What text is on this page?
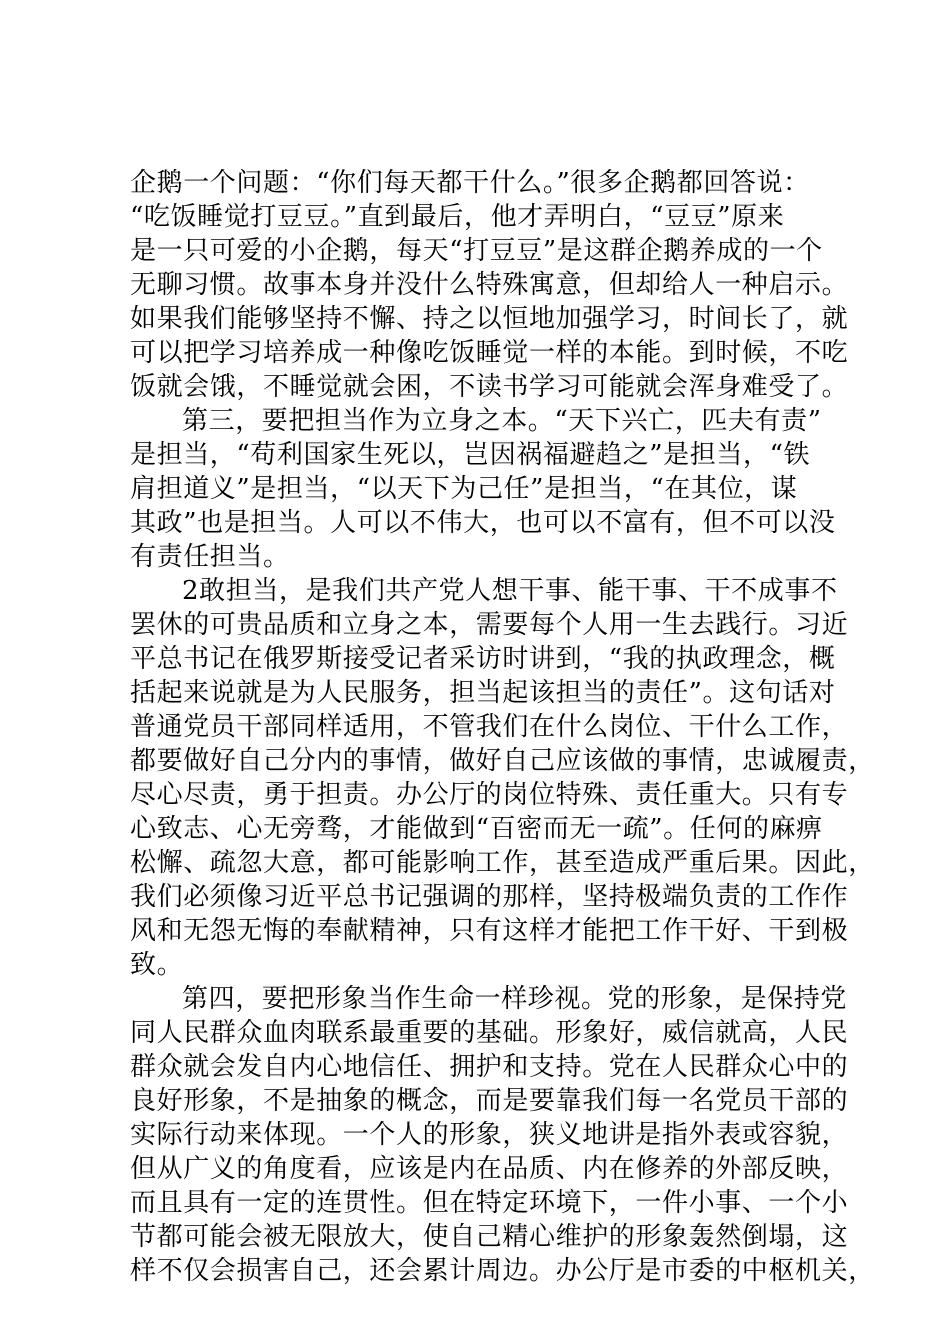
企鹅一个问题：“你们每天都干什么。”很多企鹅都回答说：
“吃饭睡觉打豆豆。”直到最后，他才弄明白，“豆豆”原来
是一只可爱的小企鹅，每天“打豆豆”是这群企鹅养成的一个
无聊习惯。故事本身并没什么特殊寓意，但却给人一种启示。
如果我们能够坚持不懈、持之以恒地加强学习，时间长了，就
可以把学习培养成一种像吃饭睡觉一样的本能。到时候，不吃
饭就会饿，不睡觉就会困，不读书学习可能就会浑身难受了。
第三，要把担当作为立身之本。“天下兴亡，匹夫有责”
是担当，“苟利国家生死以，岂因祸福避趋之”是担当，“铁
肩担道义”是担当，“以天下为己任”是担当，“在其位，谋
其政”也是担当。人可以不伟大，也可以不富有，但不可以没
有责任担当。
2敢担当，是我们共产党人想干事、能干事、干不成事不
罢休的可贵品质和立身之本，需要每个人用一生去践行。习近
平总书记在俄罗斯接受记者采访时讲到，“我的执政理念，概
括起来说就是为人民服务，担当起该担当的责任”。这句话对
普通党员干部同样适用，不管我们在什么岗位、干什么工作，
都要做好自己分内的事情，做好自己应该做的事情，忠诚履责，
尽心尽责，勇于担责。办公厅的岗位特殊、责任重大。只有专
心致志、心无旁骛，才能做到“百密而无一疏”。任何的麻痹
松懈、疏忽大意，都可能影响工作，甚至造成严重后果。因此，
我们必须像习近平总书记强调的那样，坚持极端负责的工作作
风和无怨无悔的奉献精神，只有这样才能把工作干好、干到极
致。
第四，要把形象当作生命一样珍视。党的形象，是保持党
同人民群众血肉联系最重要的基础。形象好，威信就高，人民
群众就会发自内心地信任、拥护和支持。党在人民群众心中的
良好形象，不是抽象的概念，而是要靠我们每一名党员干部的
实际行动来体现。一个人的形象，狭义地讲是指外表或容貌，
但从广义的角度看，应该是内在品质、内在修养的外部反映，
而且具有一定的连贯性。但在特定环境下，一件小事、一个小
节都可能会被无限放大，使自己精心维护的形象轰然倒塌，这
样不仅会损害自己，还会累计周边。办公厅是市委的中枢机关，
